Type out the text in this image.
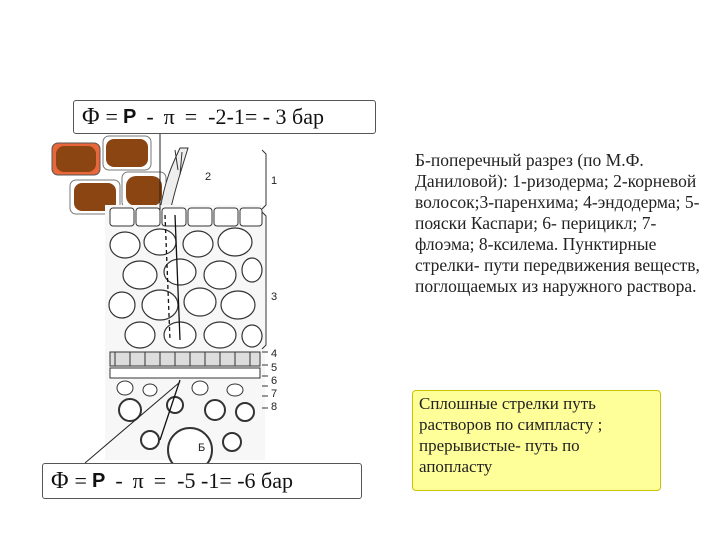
1
2
3
4
5
6
7
8
Б
Φ = P - π = -2-1= - 3 бар
Φ = P - π = -5 -1= -6 бар

Б-поперечный разрез (по М.Ф. Даниловой): 1-ризодерма; 2-корневой волосок;3-паренхима; 4-эндодерма; 5- пояски Каспари; 6- перицикл; 7- флоэма; 8-ксилема. Пунктирные стрелки- пути передвижения веществ, поглощаемых из наружного раствора.

Сплошные стрелки путь растворов по симпласту ; прерывистые- путь по апопласту
